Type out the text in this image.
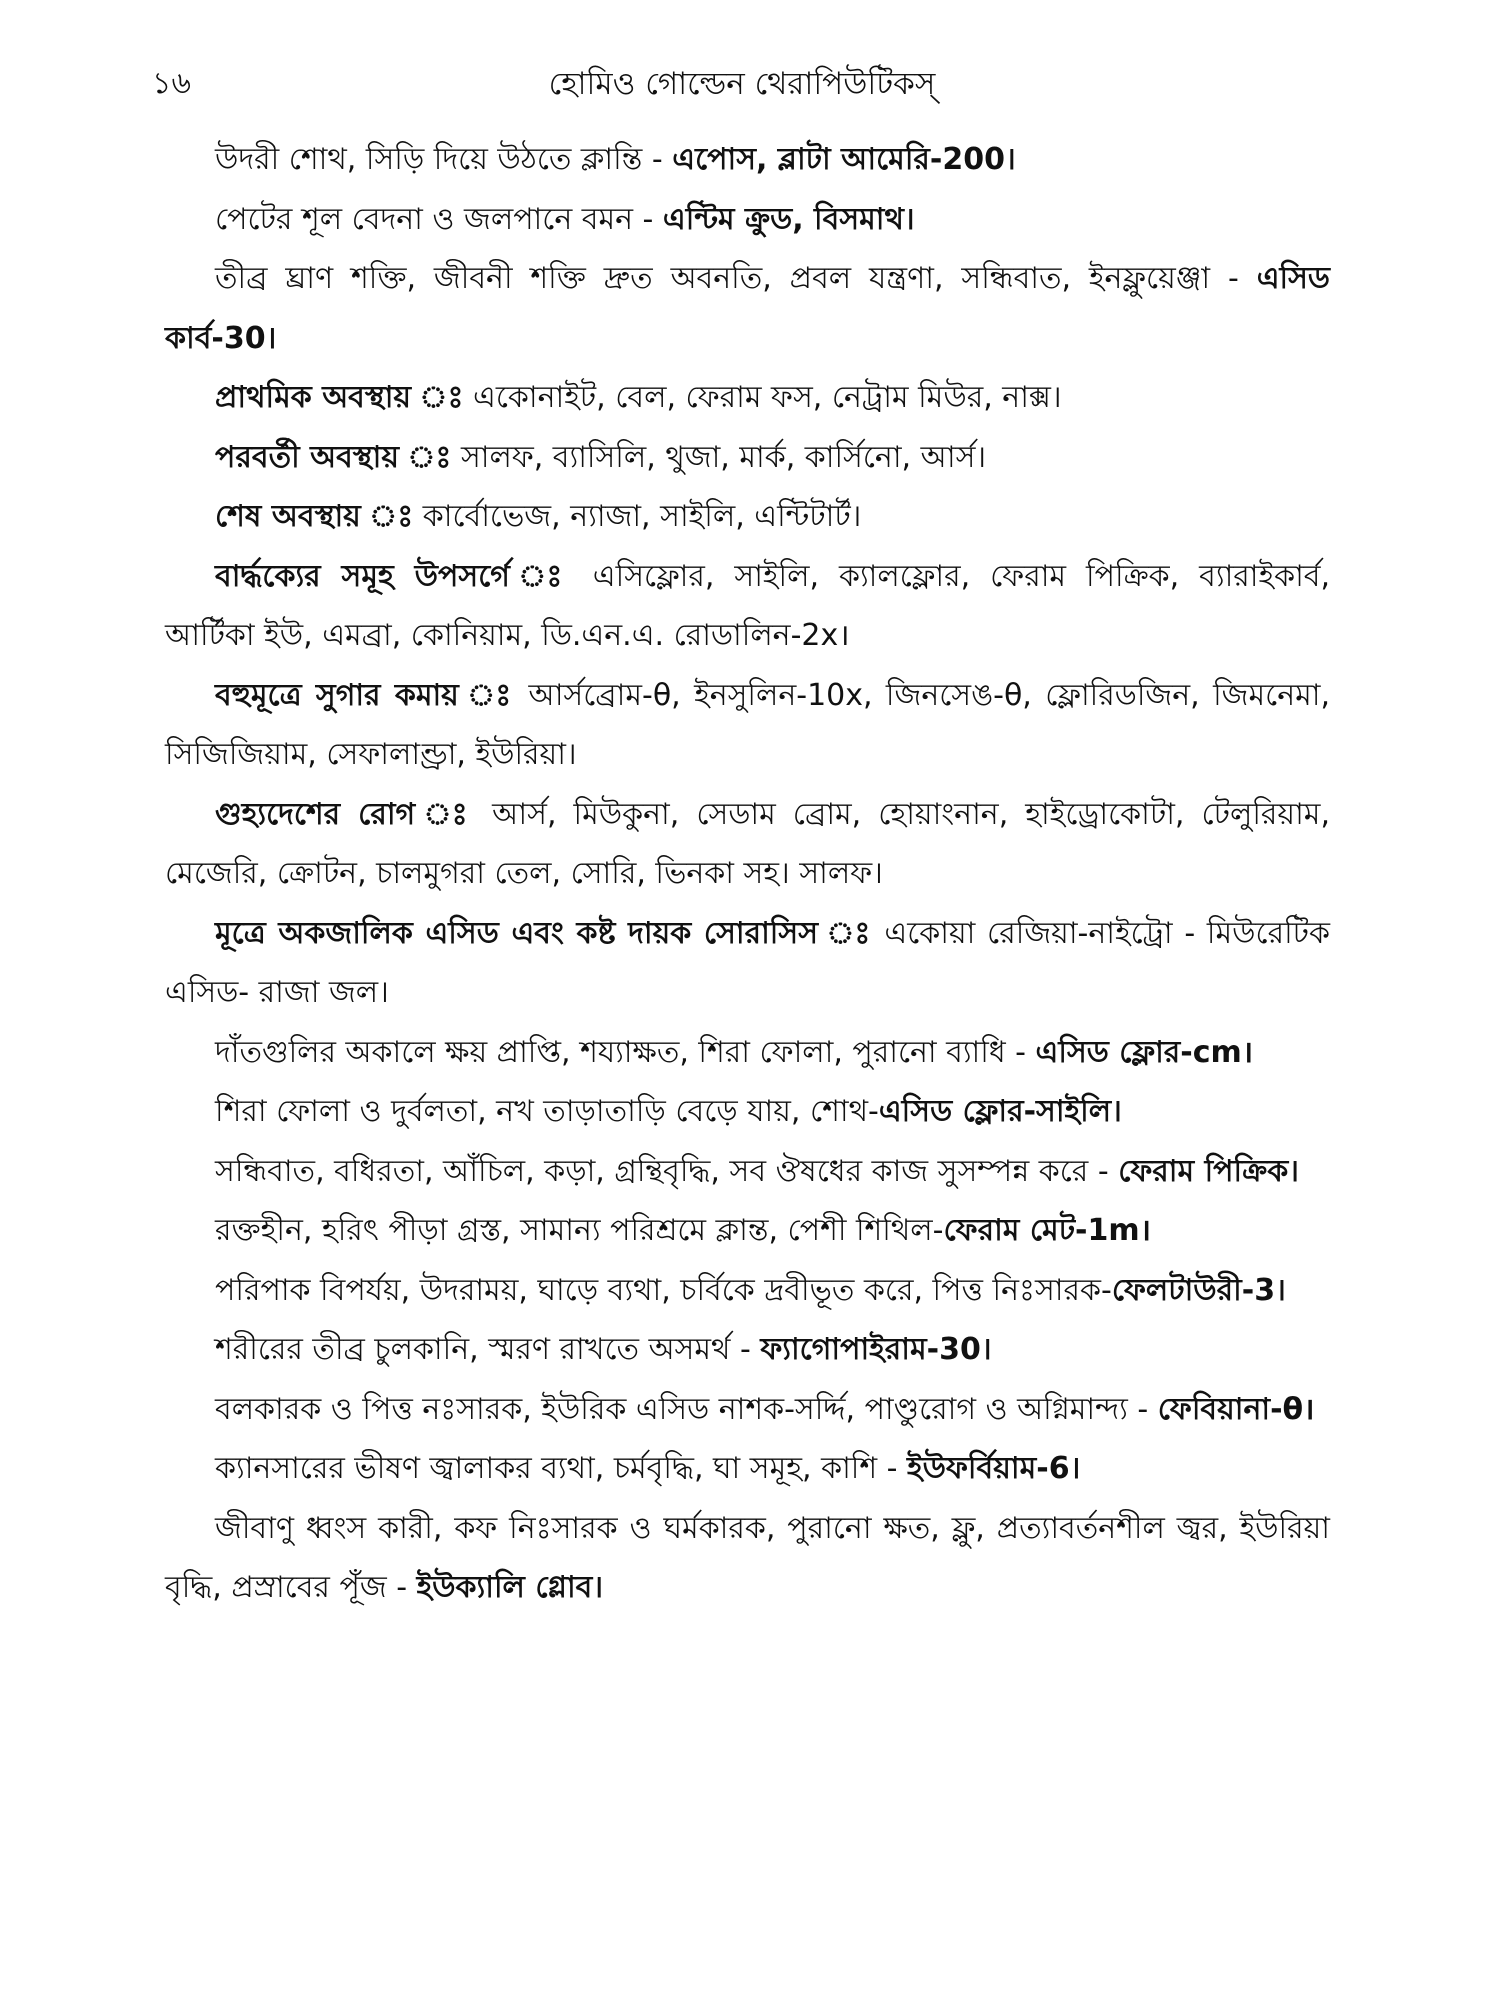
১৬	হোমিও গোল্ডেন থেরাপিউটিকস্

উদরী শোথ, সিড়ি দিয়ে উঠতে ক্লান্তি - এপোস, ব্লাটা আমেরি-200।

পেটের শূল বেদনা ও জলপানে বমন - এন্টিম ক্রুড, বিসমাথ।

তীব্র ঘ্রাণ শক্তি, জীবনী শক্তি দ্রুত অবনতি, প্রবল যন্ত্রণা, সন্ধিবাত, ইনফ্লুয়েঞ্জা - এসিড কার্ব-30।

প্রাথমিক অবস্থায় ঃ একোনাইট, বেল, ফেরাম ফস, নেট্রাম মিউর, নাক্স।

পরবর্তী অবস্থায় ঃ সালফ, ব্যাসিলি, থুজা, মার্ক, কার্সিনো, আর্স।

শেষ অবস্থায় ঃ কার্বোভেজ, ন্যাজা, সাইলি, এন্টিটার্ট।

বার্দ্ধক্যের সমূহ উপসর্গে ঃ এসিফ্লোর, সাইলি, ক্যালফ্লোর, ফেরাম পিক্রিক, ব্যারাইকার্ব, আর্টিকা ইউ, এমব্রা, কোনিয়াম, ডি.এন.এ. রোডালিন-2x।

বহুমূত্রে সুগার কমায় ঃ আর্সব্রোম-θ, ইনসুলিন-10x, জিনসেঙ-θ, ফ্লোরিডজিন, জিমনেমা, সিজিজিয়াম, সেফালাণ্ড্রা, ইউরিয়া।

গুহ্যদেশের রোগ ঃ আর্স, মিউকুনা, সেডাম ব্রোম, হোয়াংনান, হাইড্রোকোটা, টেলুরিয়াম, মেজেরি, ক্রোটন, চালমুগরা তেল, সোরি, ভিনকা সহ। সালফ।

মূত্রে অকজালিক এসিড এবং কষ্ট দায়ক সোরাসিস ঃ একোয়া রেজিয়া-নাইট্রো - মিউরেটিক এসিড- রাজা জল।

দাঁতগুলির অকালে ক্ষয় প্রাপ্তি, শয্যাক্ষত, শিরা ফোলা, পুরানো ব্যাধি - এসিড ফ্লোর-cm।

শিরা ফোলা ও দুর্বলতা, নখ তাড়াতাড়ি বেড়ে যায়, শোথ-এসিড ফ্লোর-সাইলি।

সন্ধিবাত, বধিরতা, আঁচিল, কড়া, গ্রন্থিবৃদ্ধি, সব ঔষধের কাজ সুসম্পন্ন করে - ফেরাম পিক্রিক।

রক্তহীন, হরিৎ পীড়া গ্রস্ত, সামান্য পরিশ্রমে ক্লান্ত, পেশী শিথিল-ফেরাম মেট-1m।

পরিপাক বিপর্যয়, উদরাময়, ঘাড়ে ব্যথা, চর্বিকে দ্রবীভূত করে, পিত্ত নিঃসারক-ফেলটাউরী-3।

শরীরের তীব্র চুলকানি, স্মরণ রাখতে অসমর্থ - ফ্যাগোপাইরাম-30।

বলকারক ও পিত্ত নঃসারক, ইউরিক এসিড নাশক-সর্দ্দি, পাণ্ডুরোগ ও অগ্নিমান্দ্য - ফেবিয়ানা-θ।

ক্যানসারের ভীষণ জ্বালাকর ব্যথা, চর্মবৃদ্ধি, ঘা সমূহ, কাশি - ইউফর্বিয়াম-6।

জীবাণু ধ্বংস কারী, কফ নিঃসারক ও ঘর্মকারক, পুরানো ক্ষত, ফ্লু, প্রত্যাবর্তনশীল জ্বর, ইউরিয়া বৃদ্ধি, প্রস্রাবের পূঁজ - ইউক্যালি গ্লোব।
